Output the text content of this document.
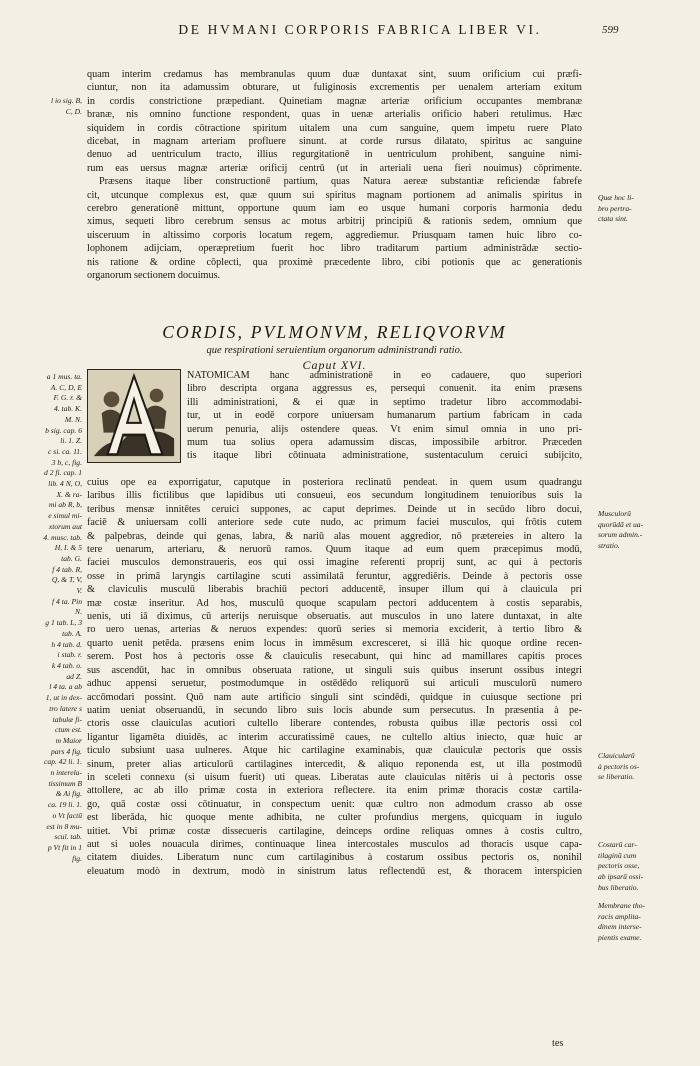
DE HVMANI CORPORIS FABRICA LIBER VI.	599
quam interim credamus has membranulas quum duæ duntaxat sint, suum orificium cui præfi-
ciuntur, non ita adamussim obturare, ut fuliginosis excrementis per uenalem arteriam exitum
in cordis constrictione præpediant. Quinetiam magnæ arteriæ orificium occupantes membranæ
branæ, nis omnino functione respondent, quas in uenæ arterialis orificio haberi retulimus. Hæc
siquidem in cordis cōtractione spiritum uitalem una cum sanguine, quem impetu ruere Plato
dicebat, in magnam arteriam profluere sinunt. at corde rursus dilatato, spiritus ac sanguine
denuo ad uentriculum tracto, illius regurgitationē in uentriculum prohibent, sanguine nimi-
rum eas uersus magnæ arteriæ orificij centrū (ut in arteriali uena fieri nouimus) cōprimente.
Præsens itaque liber constructionē partium, quas Natura aereæ substantiæ reficiendæ fabrefe
cit, utcunque complexus est, quæ quum sui spiritus magnam portionem ad animalis spiritus in
cerebro generationē mittunt, opportune quum iam eo usque humani corporis harmonia dedu
ximus, sequeti libro cerebrum sensus ac motus arbitrij principiū & rationis sedem, omnium que
uisceruum in altissimo corporis locatum regem, aggrediemur. Priusquam tamen huic libro co-
lophonem adijciam, operæpretium fuerit hoc libro traditarum partium administrādæ sectio-
nis ratione & ordine cōplecti, qua proximè præcedente libro, cibi potionis que ac generationis
organorum sectionem docuimus.
CORDIS, PVLMONVM, RELIQVORVM
que respirationi seruientium organorum administrandi ratio.
Caput XVI.
NATOMICAM hanc administrationē in eo cadauere, quo superiori
libro descripta organa aggressus es, persequi conuenit. ita enim præsens
illi administrationi, & ei quæ in septimo tradetur libro accommodabi-
tur, ut in eodē corpore uniuersam humanarum partium fabricam in cada
uerum penuria, alijs ostendere queas. Vt enim simul omnia in uno pri-
mum tua solius opera adamussim discas, impossibile arbitror. Præceden
tis itaque libri cōtinuata administratione, sustentaculum ceruici subijcito,
cuius ope ea exporrigatur, caputque in posteriora reclinatū pendeat. in quem usum quadrangu
laribus illis fictilibus que lapidibus uti consueui, eos secundum longitudinem tenuioribus suis la
teribus mensæ innitētes ceruici suppones, ac caput deprimes. Deinde ut in secūdo libro docui,
faciē & uniuersam colli anteriore sede cute nudo, ac primum faciei musculos, qui frōtis cutem
& palpebras, deinde qui genas, labra, & nariū alas mouent aggredior, nō prætereies in altero la
tere uenarum, arteriaru, & neruorū ramos. Quum itaque ad eum quem præcepimus modū,
faciei musculos demonstraueris, eos qui ossi imagine referenti proprij sunt, ac qui à pectoris
osse in primā laryngis cartilagine scuti assimilatā feruntur, aggrediēris. Deinde à pectoris osse
& claviculis musculū liberabis brachiū pectori adducentē, insuper illum qui à clauicula pri
mæ costæ inseritur. Ad hos, musculū quoque scapulam pectori adducentem à costis separabis,
uenis, uti iā diximus, cū arterijs neruisque obseruatis. aut musculos in uno latere duntaxat, in alte
ro uero uenas, arterias & neruos expendes: quorū series si memoria exciderit, à tertio libro &
quarto uenit petēda. præsens enim locus in immēsum excresceret, si illā hic quoque ordine recen-
serem. Post hos à pectoris osse & clauiculis resecabunt, qui hinc ad mamillares capitis proces
sus ascendūt, hac in omnibus obseruata ratione, ut singuli suis quibus inserunt ossibus integri
adhuc appensi seruetur, postmodumque in ostēdēdo reliquorū sui articuli musculorū numero
accōmodari possint. Quō nam aute artificio singuli sint scindēdi, quidque in cuiusque sectione pri
uatim ueniat obseruandū, in secundo libro suis locis abunde sum persecutus. In præsentia à pe-
ctoris osse clauiculas acutiori cultello liberare contendes, robusta quibus illæ pectoris ossi col
ligantur ligamēta diuidēs, ac interim accuratissimē caues, ne cultello altius iniecto, quæ huic ar
ticulo subsiunt uasa uulneres. Atque hic cartilagine examinabis, quæ clauiculæ pectoris que ossis
sinum, preter alias articulorū cartilagines intercedit, & aliquo reponenda est, ut illa postmodū
in sceleti connexu (si uisum fuerit) uti queas. Liberatas aute clauiculas nitēris ui à pectoris osse
attollere, ac ab illo primæ costa in exteriora reflectere. ita enim primæ thoracis costæ cartila-
go, quā costæ ossi cōtinuatur, in conspectum uenit: quæ cultro non admodum crasso ab osse
est liberāda, hic quoque mente adhibita, ne culter profundius mergens, quicquam in iugulo
uitiet. Vbi primæ costæ dissecueris cartilagine, deinceps ordine reliquas omnes à costis cultro,
aut si uoles nouacula dirimes, continuaque linea intercostales musculos ad thoracis usque capa-
citatem diuides. Liberatum nunc cum cartilaginibus à costarum ossibus pectoris os, nonihil
eleuatum modò in dextrum, modò in sinistrum latus reflectendū est, & thoracem interspicien
tes
l io sig. B,
C, D.
a 1 mus. ta.
A. C, D, E
F. G. r. &
4. tab. K.
M. N.
b sig. cap. 6
li. 1. Z.
c si. ca. 11.
3 b, c, fig.
d 2 fi. cap. 1
lib. 4 N, O,
X. & ra-
mi ab R, b,
e simul mi-
xtorum aut
4. musc. tab.
H, I. & 5
tab. G.
f 4 tab. R,
Q, & T, V,
V.
f 4 ta. Pin
N.
g 1 tab. L, 3
tab. A.
h 4 tab. d.
i stab. r.
k 4 tab. o.
ad Z.
l 4 ta. a ab
1, ut in dex-
tro latere s
tabulæ fi-
ctum est.
m Maior
pars 4 fig.
cap. 42 li. 1.
n interela-
tissimum B
& Ai fig.
ca. 19 li. 1.
o Vt factū
est in 8 mu-
scul. tab.
p Vt fit in 1
fig.
Quæ hoc li-
bro pertra-
ctata sint.
Musculorū
quorūdā et ua-
sorum admin.-
stratio.
Clauicularū
à pectoris os-
se liberatio.
Costarū car-
tilaginū cum
pectoris osse,
ab ipsarū ossi-
bus liberatio.
Membrane tho-
racis amplita-
dinem interse-
pientis exame.
